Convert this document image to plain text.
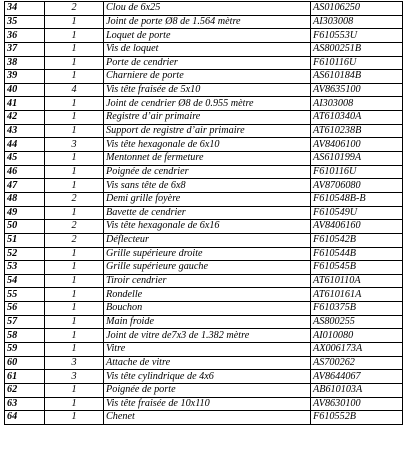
34	2	Clou de 6x25	AS0106250
35	1	Joint de porte Ø8 de 1.564 mètre	AI303008
36	1	Loquet de porte	F610553U
37	1	Vis de loquet	AS800251B
38	1	Porte de cendrier	F610116U
39	1	Charniere de porte	AS610184B
40	4	Vis tête fraisée de 5x10	AV8635100
41	1	Joint de cendrier Ø8 de 0.955 mètre	AI303008
42	1	Registre d’air primaire	AT610340A
43	1	Support de registre d’air primaire	AT610238B
44	3	Vis tête hexagonale de 6x10	AV8406100
45	1	Mentonnet de fermeture	AS610199A
46	1	Poignée de cendrier	F610116U
47	1	Vis sans tête de 6x8	AV8706080
48	2	Demi grille foyère	F610548B-B
49	1	Bavette de cendrier	F610549U
50	2	Vis tête hexagonale de 6x16	AV8406160
51	2	Déflecteur	F610542B
52	1	Grille supérieure droite	F610544B
53	1	Grille supérieure gauche	F610545B
54	1	Tiroir cendrier	AT610110A
55	1	Rondelle	AT610161A
56	1	Bouchon	F610375B
57	1	Main froide	AS800255
58	1	Joint de vitre de7x3 de 1.382 mètre	AI010080
59	1	Vitre	AX006173A
60	3	Attache de vitre	AS700262
61	3	Vis tête cylindrique de 4x6	AV8644067
62	1	Poignée de porte	AB610103A
63	1	Vis tête fraisée de 10x110	AV8630100
64	1	Chenet	F610552B
